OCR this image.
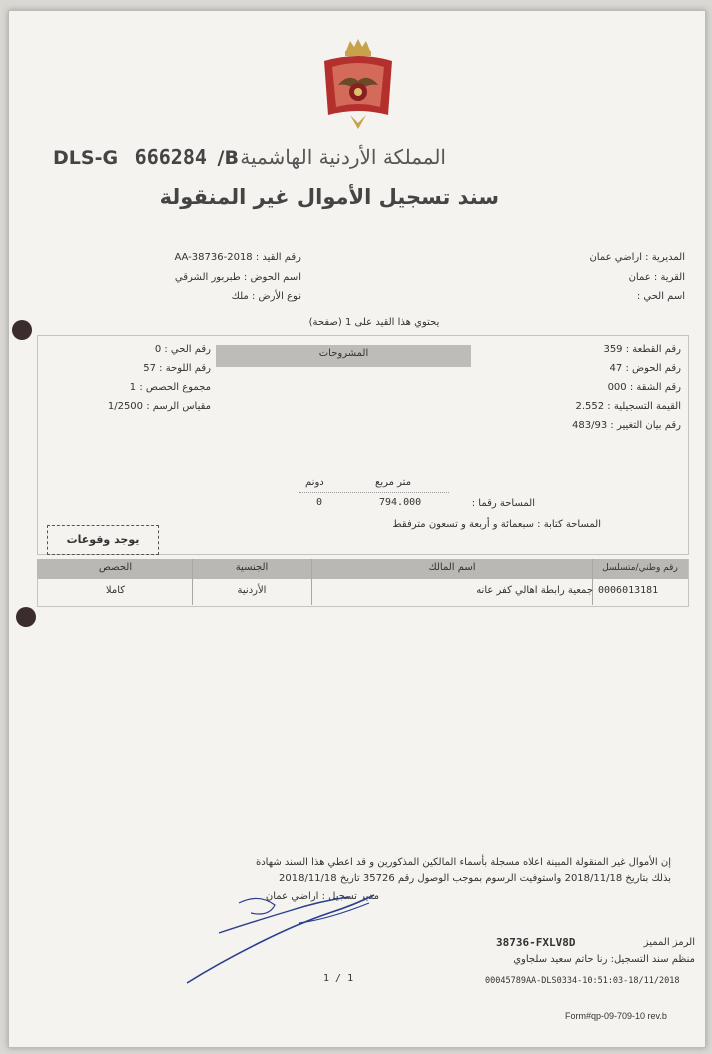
DLS-G 666284 /B المملكة الأردنية الهاشمية
سند تسجيل الأموال غير المنقولة
المديرية : اراضي عمان
القرية : عمان
اسم الحي :
رقم القيد : 2018-AA-38736
اسم الحوض : طبربور الشرقي
نوع الأرض : ملك
يحتوي هذا القيد على 1 (صفحة)
المشروحات	رقم القطعة : 359
رقم الحوض : 47
رقم الشقة : 000
القيمة التسجيلية : 2.552
رقم بيان التغيير : 483/93
رقم الحي : 0
رقم اللوحة : 57
مجموع الحصص : 1
مقياس الرسم : 1/2500
متر مربع
دونم
المساحة رقما :
794.000
0
المساحة كتابة : سبعمائة و أربعة و تسعون مترفقط
يوجد وقوعات
رقم وطني/متسلسل
اسم المالك
الجنسية
الحصص
0006013181
جمعية رابطة اهالي كفر عانه
الأردنية
كاملا
إن الأموال غير المنقولة المبينة اعلاه مسجلة بأسماء المالكين المذكورين و قد اعطي هذا السند شهادة
بذلك بتاريخ 2018/11/18 واستوفيت الرسوم بموجب الوصول رقم 35726 تاريخ 2018/11/18
مدير تسجيل : اراضي عمان
الرمز المميز
38736-FXLV8D
منظم سند التسجيل: رنا حاتم سعيد سلجاوي
1 / 1	00045789AA-DLS0334-10:51:03-18/11/2018
Form#qp-09-709-10 rev.b
